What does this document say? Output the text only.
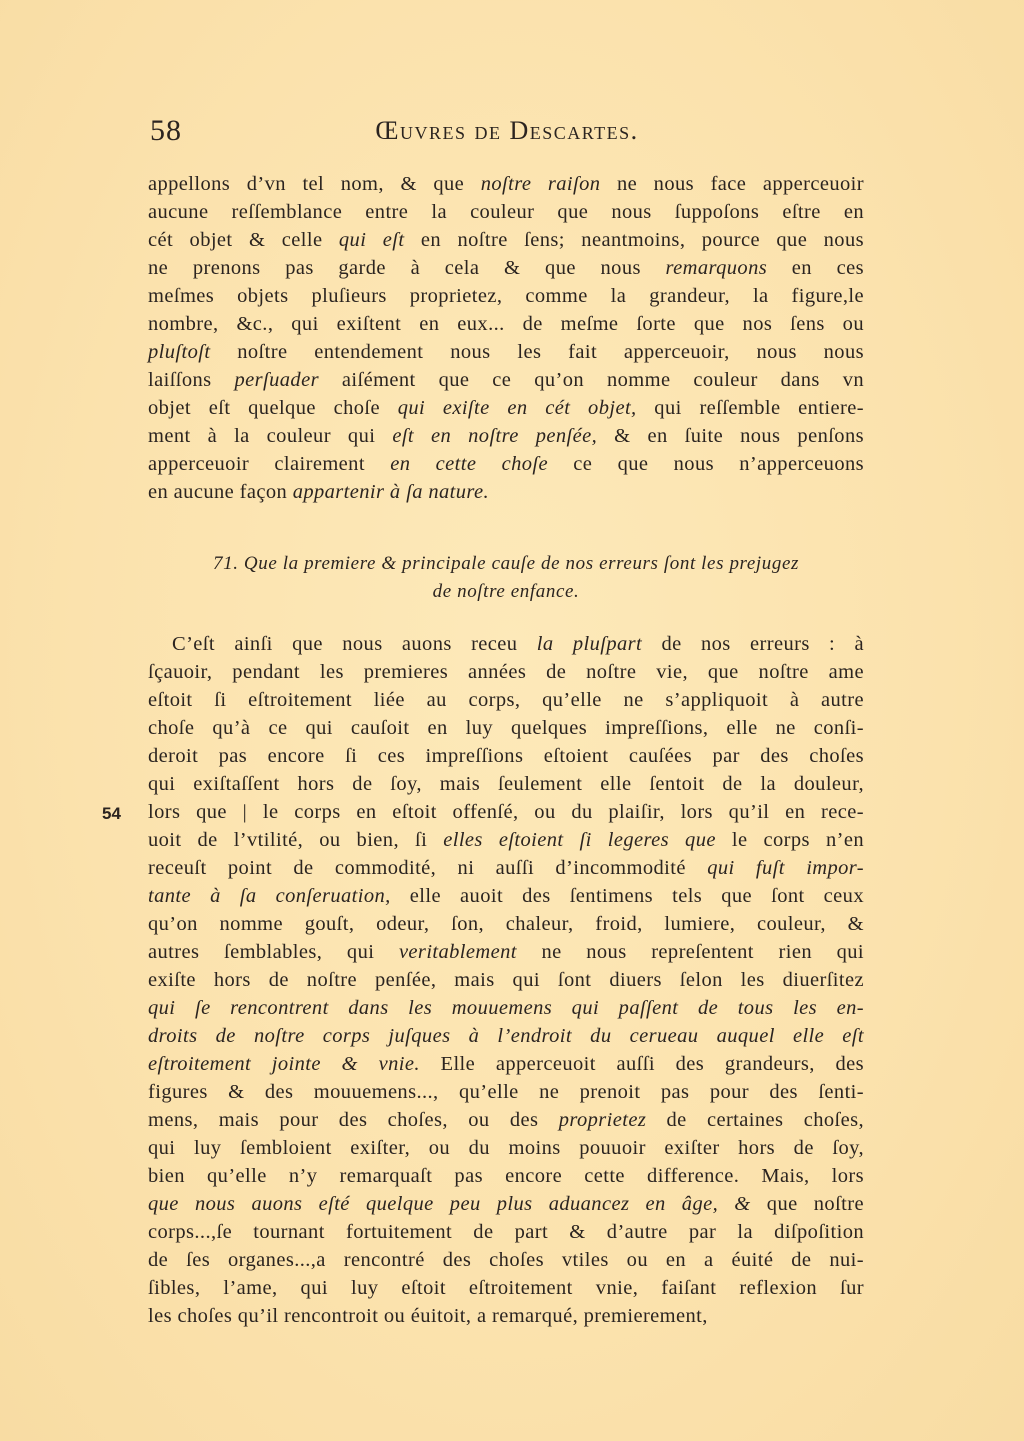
58	Œuvres de Descartes.
appellons d’vn tel nom, & que noſtre raiſon ne nous face apperceuoir
aucune reſſemblance entre la couleur que nous ſuppoſons eſtre en
cét objet & celle qui eſt en noſtre ſens; neantmoins, pource que nous
ne prenons pas garde à cela & que nous remarquons en ces
meſmes objets pluſieurs proprietez, comme la grandeur, la figure,le
nombre, &c., qui exiſtent en eux... de meſme ſorte que nos ſens ou
pluſtoſt noſtre entendement nous les fait apperceuoir, nous nous
laiſſons perſuader aiſément que ce qu’on nomme couleur dans vn
objet eſt quelque choſe qui exiſte en cét objet, qui reſſemble entiere-
ment à la couleur qui eſt en noſtre penſée, & en ſuite nous penſons
apperceuoir clairement en cette choſe ce que nous n’apperceuons
en aucune façon appartenir à ſa nature.
71. Que la premiere & principale cauſe de nos erreurs ſont les prejugez
de noſtre enfance.
54
C’eſt ainſi que nous auons receu la pluſpart de nos erreurs : à
ſçauoir, pendant les premieres années de noſtre vie, que noſtre ame
eſtoit ſi eſtroitement liée au corps, qu’elle ne s’appliquoit à autre
choſe qu’à ce qui cauſoit en luy quelques impreſſions, elle ne conſi-
deroit pas encore ſi ces impreſſions eſtoient cauſées par des choſes
qui exiſtaſſent hors de ſoy, mais ſeulement elle ſentoit de la douleur,
lors que | le corps en eſtoit offenſé, ou du plaiſir, lors qu’il en rece-
uoit de l’vtilité, ou bien, ſi elles eſtoient ſi legeres que le corps n’en
receuſt point de commodité, ni auſſi d’incommodité qui fuſt impor-
tante à ſa conſeruation, elle auoit des ſentimens tels que ſont ceux
qu’on nomme gouſt, odeur, ſon, chaleur, froid, lumiere, couleur, &
autres ſemblables, qui veritablement ne nous repreſentent rien qui
exiſte hors de noſtre penſée, mais qui ſont diuers ſelon les diuerſitez
qui ſe rencontrent dans les mouuemens qui paſſent de tous les en-
droits de noſtre corps juſques à l’endroit du cerueau auquel elle eſt
eſtroitement jointe & vnie. Elle apperceuoit auſſi des grandeurs, des
figures & des mouuemens..., qu’elle ne prenoit pas pour des ſenti-
mens, mais pour des choſes, ou des proprietez de certaines choſes,
qui luy ſembloient exiſter, ou du moins pouuoir exiſter hors de ſoy,
bien qu’elle n’y remarquaſt pas encore cette difference. Mais, lors
que nous auons eſté quelque peu plus aduancez en âge, & que noſtre
corps...,ſe tournant fortuitement de part & d’autre par la diſpoſition
de ſes organes...,a rencontré des choſes vtiles ou en a éuité de nui-
ſibles, l’ame, qui luy eſtoit eſtroitement vnie, faiſant reflexion ſur
les choſes qu’il rencontroit ou éuitoit, a remarqué, premierement,
